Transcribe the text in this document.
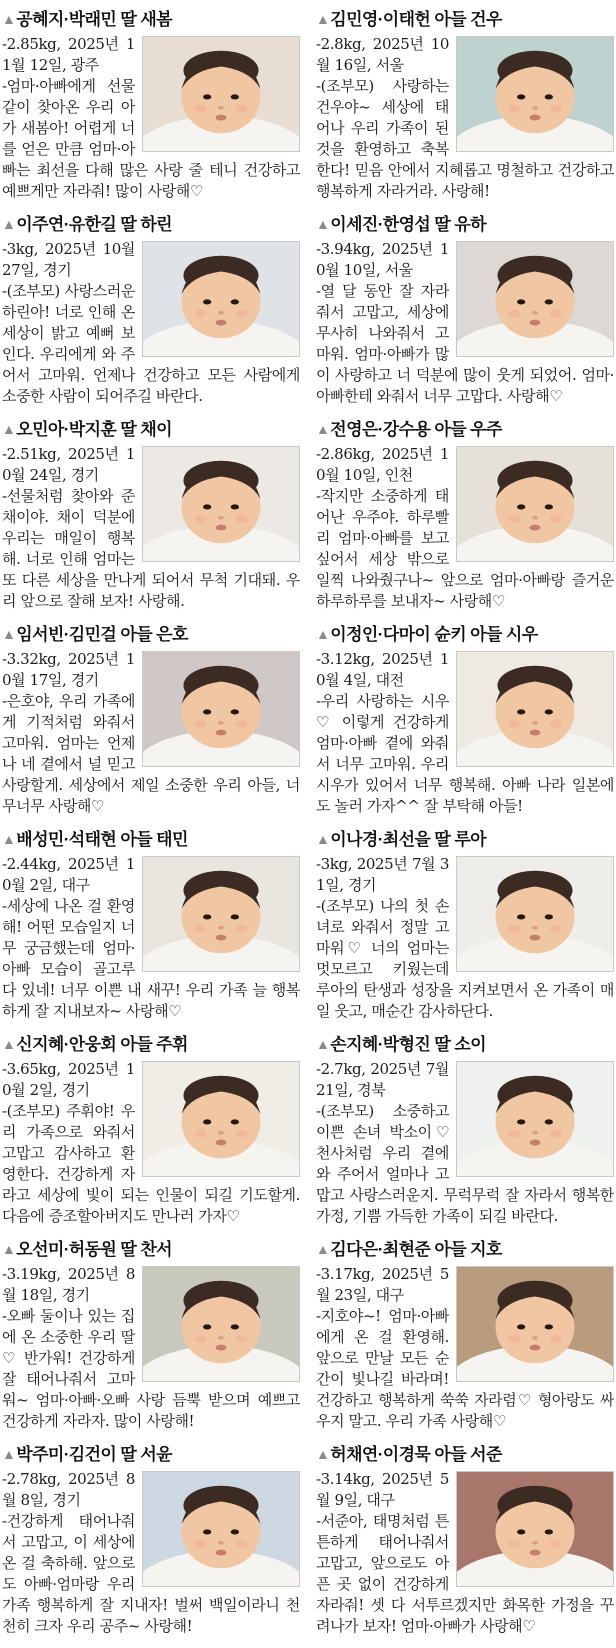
▲공혜지·박래민 딸 새봄

-2.85kg, 2025년 11월 12일, 광주

-엄마·아빠에게 선물같이 찾아온 우리 아가 새봄아! 어렵게 너를 얻은 만큼 엄마·아빠는 최선을 다해 많은 사랑 줄 테니 건강하고 예쁘게만 자라줘! 많이 사랑해♡

▲김민영·이태헌 아들 건우

-2.8kg, 2025년 10월 16일, 서울

-(조부모) 사랑하는 건우야~ 세상에 태어나 우리 가족이 된 것을 환영하고 축복한다! 믿음 안에서 지혜롭고 명철하고 건강하고 행복하게 자라거라. 사랑해!

▲이주연·유한길 딸 하린

-3kg, 2025년 10월 27일, 경기

-(조부모) 사랑스러운 하린아! 너로 인해 온 세상이 밝고 예뻐 보인다. 우리에게 와 주어서 고마워. 언제나 건강하고 모든 사람에게 소중한 사람이 되어주길 바란다.

▲이세진·한영섭 딸 유하

-3.94kg, 2025년 10월 10일, 서울

-열 달 동안 잘 자라줘서 고맙고, 세상에 무사히 나와줘서 고마워. 엄마·아빠가 많이 사랑하고 너 덕분에 많이 웃게 되었어. 엄마·아빠한테 와줘서 너무 고맙다. 사랑해♡

▲오민아·박지훈 딸 채이

-2.51kg, 2025년 10월 24일, 경기

-선물처럼 찾아와 준 채이야. 채이 덕분에 우리는 매일이 행복해. 너로 인해 엄마는 또 다른 세상을 만나게 되어서 무척 기대돼. 우리 앞으로 잘해 보자! 사랑해.

▲전영은·강수용 아들 우주

-2.86kg, 2025년 10월 10일, 인천

-작지만 소중하게 태어난 우주야. 하루빨리 엄마·아빠를 보고 싶어서 세상 밖으로 일찍 나와줬구나~ 앞으로 엄마·아빠랑 즐거운 하루하루를 보내자~ 사랑해♡

▲임서빈·김민걸 아들 은호

-3.32kg, 2025년 10월 17일, 경기

-은호야, 우리 가족에게 기적처럼 와줘서 고마워. 엄마는 언제나 네 곁에서 널 믿고 사랑할게. 세상에서 제일 소중한 우리 아들, 너무너무 사랑해♡

▲이정인·다마이 슌키 아들 시우

-3.12kg, 2025년 10월 4일, 대전

-우리 사랑하는 시우♡ 이렇게 건강하게 엄마·아빠 곁에 와줘서 너무 고마워. 우리 시우가 있어서 너무 행복해. 아빠 나라 일본에도 놀러 가자^^ 잘 부탁해 아들!

▲배성민·석태현 아들 태민

-2.44kg, 2025년 10월 2일, 대구

-세상에 나온 걸 환영해! 어떤 모습일지 너무 궁금했는데 엄마·아빠 모습이 골고루 다 있네! 너무 이쁜 내 새꾸! 우리 가족 늘 행복하게 잘 지내보자~ 사랑해♡

▲이나경·최선을 딸 루아

-3kg, 2025년 7월 31일, 경기

-(조부모) 나의 첫 손녀로 와줘서 정말 고마워♡ 너의 엄마는 멋모르고 키웠는데 루아의 탄생과 성장을 지켜보면서 온 가족이 매일 웃고, 매순간 감사하단다.

▲신지혜·안웅회 아들 주휘

-3.65kg, 2025년 10월 2일, 경기

-(조부모) 주휘야! 우리 가족으로 와줘서 고맙고 감사하고 환영한다. 건강하게 자라고 세상에 빛이 되는 인물이 되길 기도할게. 다음에 증조할아버지도 만나러 가자♡

▲손지혜·박형진 딸 소이

-2.7kg, 2025년 7월 21일, 경북

-(조부모) 소중하고 이쁜 손녀 박소이♡ 천사처럼 우리 곁에 와 주어서 얼마나 고맙고 사랑스러운지. 무럭무럭 잘 자라서 행복한 가정, 기쁨 가득한 가족이 되길 바란다.

▲오선미·허동원 딸 찬서

-3.19kg, 2025년 8월 18일, 경기

-오빠 둘이나 있는 집에 온 소중한 우리 딸♡ 반가워! 건강하게 잘 태어나줘서 고마워~ 엄마·아빠·오빠 사랑 듬뿍 받으며 예쁘고 건강하게 자라자. 많이 사랑해!

▲김다은·최현준 아들 지호

-3.17kg, 2025년 5월 23일, 대구

-지호야~! 엄마·아빠에게 온 걸 환영해. 앞으로 만날 모든 순간이 빛나길 바라며! 건강하고 행복하게 쑥쑥 자라렴♡ 형아랑도 싸우지 말고. 우리 가족 사랑해♡

▲박주미·김건이 딸 서윤

-2.78kg, 2025년 8월 8일, 경기

-건강하게 태어나줘서 고맙고, 이 세상에 온 걸 축하해. 앞으로도 아빠·엄마랑 우리 가족 행복하게 잘 지내자! 벌써 백일이라니 천천히 크자 우리 공주~ 사랑해!

▲허채연·이경묵 아들 서준

-3.14kg, 2025년 5월 9일, 대구

-서준아, 태명처럼 튼튼하게 태어나줘서 고맙고, 앞으로도 아픈 곳 없이 건강하게 자라줘! 셋 다 서투르겠지만 화목한 가정을 꾸려나가 보자! 엄마·아빠가 사랑해♡
